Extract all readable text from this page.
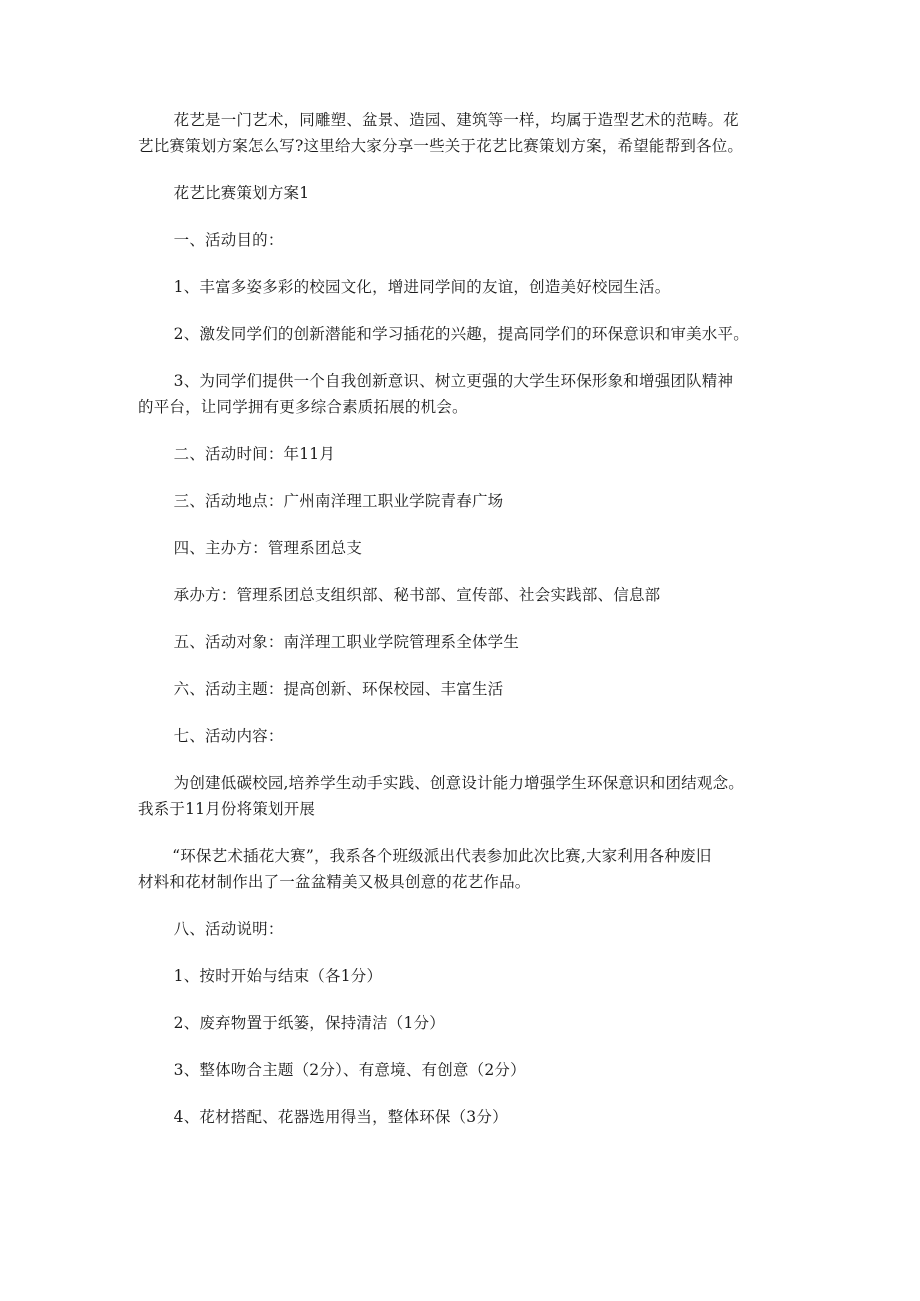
花艺是一门艺术，同雕塑、盆景、造园、建筑等一样，均属于造型艺术的范畴。花
艺比赛策划方案怎么写?这里给大家分享一些关于花艺比赛策划方案，希望能帮到各位。

花艺比赛策划方案1

一、活动目的：

1、丰富多姿多彩的校园文化，增进同学间的友谊，创造美好校园生活。

2、激发同学们的创新潜能和学习插花的兴趣，提高同学们的环保意识和审美水平。

3、为同学们提供一个自我创新意识、树立更强的大学生环保形象和增强团队精神
的平台，让同学拥有更多综合素质拓展的机会。

二、活动时间：年11月

三、活动地点：广州南洋理工职业学院青春广场

四、主办方：管理系团总支

承办方：管理系团总支组织部、秘书部、宣传部、社会实践部、信息部

五、活动对象：南洋理工职业学院管理系全体学生

六、活动主题：提高创新、环保校园、丰富生活

七、活动内容：

为创建低碳校园,培养学生动手实践、创意设计能力增强学生环保意识和团结观念。
我系于11月份将策划开展

“环保艺术插花大赛”，我系各个班级派出代表参加此次比赛,大家利用各种废旧
材料和花材制作出了一盆盆精美又极具创意的花艺作品。

八、活动说明：

1、按时开始与结束（各1分）

2、废弃物置于纸篓，保持清洁（1分）

3、整体吻合主题（2分）、有意境、有创意（2分）

4、花材搭配、花器选用得当，整体环保（3分）
